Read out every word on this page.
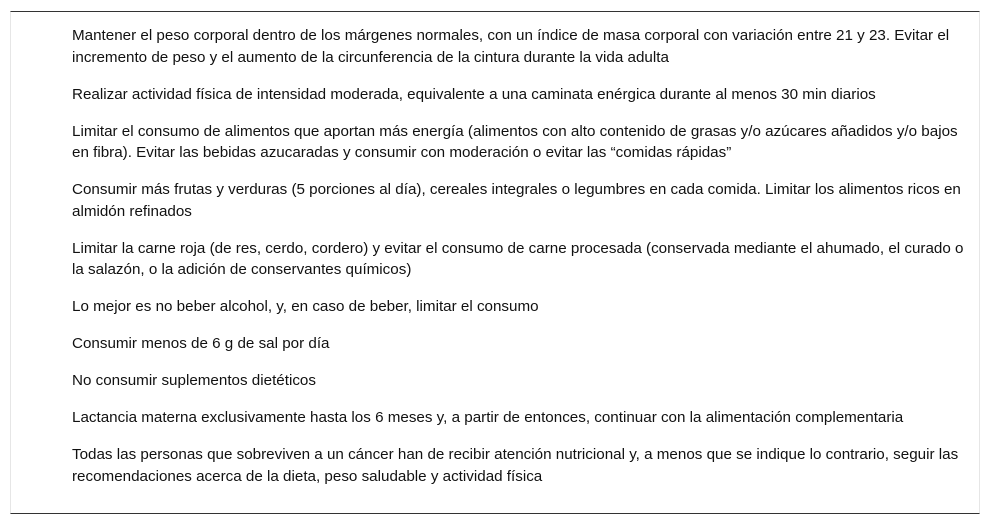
Mantener el peso corporal dentro de los márgenes normales, con un índice de masa corporal con variación entre 21 y 23. Evitar el incremento de peso y el aumento de la circunferencia de la cintura durante la vida adulta
Realizar actividad física de intensidad moderada, equivalente a una caminata enérgica durante al menos 30 min diarios
Limitar el consumo de alimentos que aportan más energía (alimentos con alto contenido de grasas y/o azúcares añadidos y/o bajos en fibra). Evitar las bebidas azucaradas y consumir con moderación o evitar las “comidas rápidas”
Consumir más frutas y verduras (5 porciones al día), cereales integrales o legumbres en cada comida. Limitar los alimentos ricos en almidón refinados
Limitar la carne roja (de res, cerdo, cordero) y evitar el consumo de carne procesada (conservada mediante el ahumado, el curado o la salazón, o la adición de conservantes químicos)
Lo mejor es no beber alcohol, y, en caso de beber, limitar el consumo
Consumir menos de 6 g de sal por día
No consumir suplementos dietéticos
Lactancia materna exclusivamente hasta los 6 meses y, a partir de entonces, continuar con la alimentación complementaria
Todas las personas que sobreviven a un cáncer han de recibir atención nutricional y, a menos que se indique lo contrario, seguir las recomendaciones acerca de la dieta, peso saludable y actividad física
